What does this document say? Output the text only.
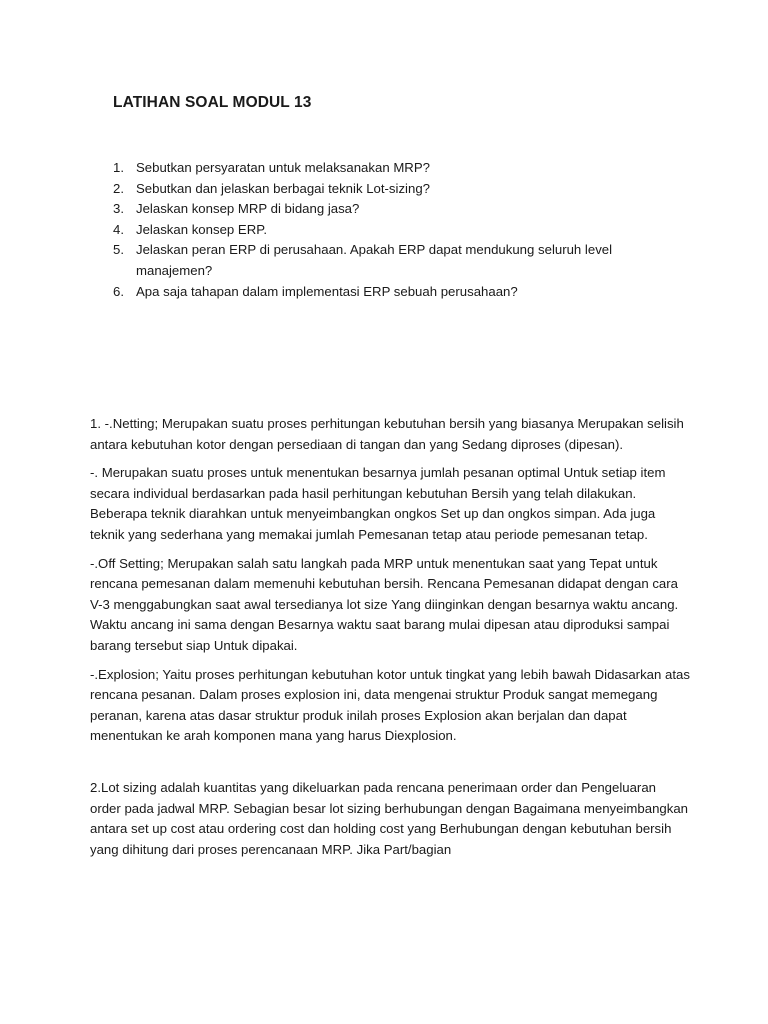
LATIHAN SOAL MODUL 13
1. Sebutkan persyaratan untuk melaksanakan MRP?
2. Sebutkan dan jelaskan berbagai teknik Lot-sizing?
3. Jelaskan konsep MRP di bidang jasa?
4. Jelaskan konsep ERP.
5. Jelaskan peran ERP di perusahaan. Apakah ERP dapat mendukung seluruh level manajemen?
6. Apa saja tahapan dalam implementasi ERP sebuah perusahaan?

1. -.Netting; Merupakan suatu proses perhitungan kebutuhan bersih yang biasanya Merupakan selisih antara kebutuhan kotor dengan persediaan di tangan dan yang Sedang diproses (dipesan).

-. Merupakan suatu proses untuk menentukan besarnya jumlah pesanan optimal Untuk setiap item secara individual berdasarkan pada hasil perhitungan kebutuhan Bersih yang telah dilakukan. Beberapa teknik diarahkan untuk menyeimbangkan ongkos Set up dan ongkos simpan. Ada juga teknik yang sederhana yang memakai jumlah Pemesanan tetap atau periode pemesanan tetap.

-.Off Setting; Merupakan salah satu langkah pada MRP untuk menentukan saat yang Tepat untuk rencana pemesanan dalam memenuhi kebutuhan bersih. Rencana Pemesanan didapat dengan cara V-3 menggabungkan saat awal tersedianya lot size Yang diinginkan dengan besarnya waktu ancang. Waktu ancang ini sama dengan Besarnya waktu saat barang mulai dipesan atau diproduksi sampai barang tersebut siap Untuk dipakai.

-.Explosion; Yaitu proses perhitungan kebutuhan kotor untuk tingkat yang lebih bawah Didasarkan atas rencana pesanan. Dalam proses explosion ini, data mengenai struktur Produk sangat memegang peranan, karena atas dasar struktur produk inilah proses Explosion akan berjalan dan dapat menentukan ke arah komponen mana yang harus Diexplosion.

2.Lot sizing adalah kuantitas yang dikeluarkan pada rencana penerimaan order dan Pengeluaran order pada jadwal MRP. Sebagian besar lot sizing berhubungan dengan Bagaimana menyeimbangkan antara set up cost atau ordering cost dan holding cost yang Berhubungan dengan kebutuhan bersih yang dihitung dari proses perencanaan MRP. Jika Part/bagian
